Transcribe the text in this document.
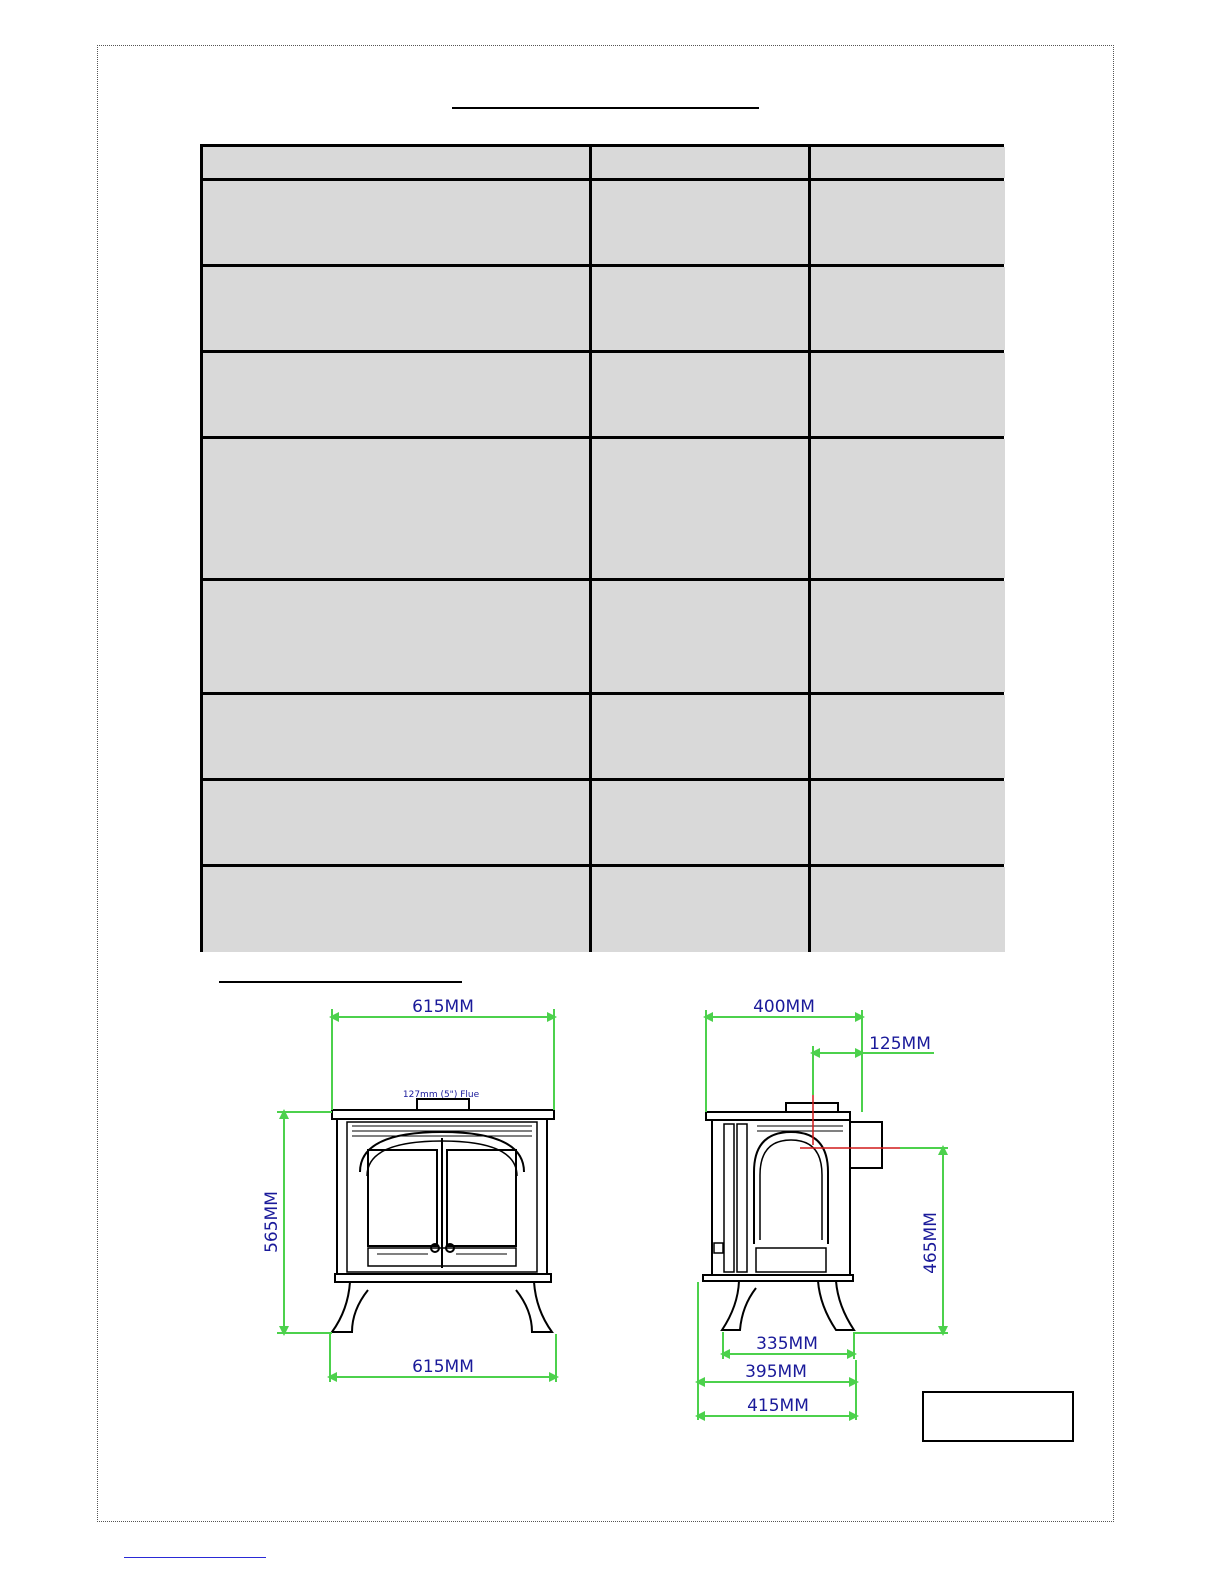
615MM
127mm (5") Flue
565MM
615MM
400MM
125MM
465MM
335MM
395MM
415MM
